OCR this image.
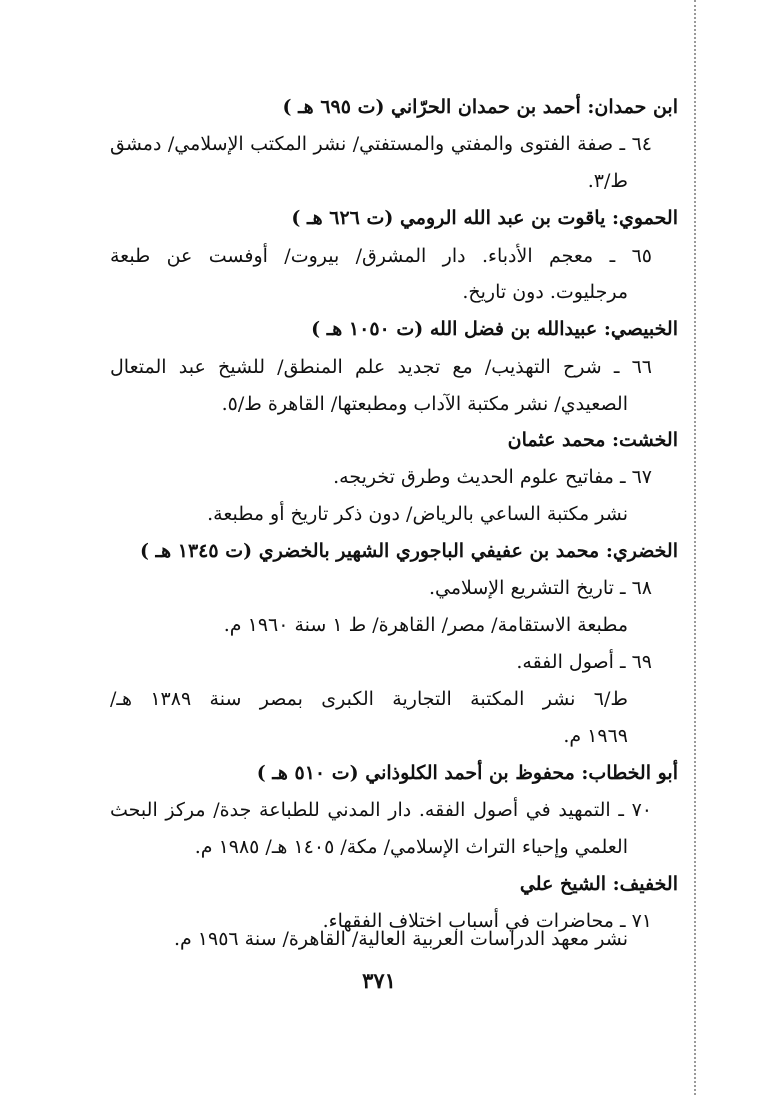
ابن حمدان: أحمد بن حمدان الحرّاني (ت ٦٩٥ هـ )
٦٤ ـ صفة الفتوى والمفتي والمستفتي/ نشر المكتب الإسلامي/ دمشق
ط/٣.
الحموي: ياقوت بن عبد الله الرومي (ت ٦٢٦ هـ )
٦٥ ـ معجم الأدباء. دار المشرق/ بيروت/ أوفست عن طبعة
مرجليوت. دون تاريخ.
الخبيصي: عبيدالله بن فضل الله (ت ١٠٥٠ هـ )
٦٦ ـ شرح التهذيب/ مع تجديد علم المنطق/ للشيخ عبد المتعال
الصعيدي/ نشر مكتبة الآداب ومطبعتها/ القاهرة ط/٥.
الخشت: محمد عثمان
٦٧ ـ مفاتيح علوم الحديث وطرق تخريجه.
نشر مكتبة الساعي بالرياض/ دون ذكر تاريخ أو مطبعة.
الخضري: محمد بن عفيفي الباجوري الشهير بالخضري (ت ١٣٤٥ هـ )
٦٨ ـ تاريخ التشريع الإسلامي.
مطبعة الاستقامة/ مصر/ القاهرة/ ط ١ سنة ١٩٦٠ م.
٦٩ ـ أصول الفقه.
ط/٦ نشر المكتبة التجارية الكبرى بمصر سنة ١٣٨٩ هـ/
١٩٦٩ م.
أبو الخطاب: محفوظ بن أحمد الكلوذاني (ت ٥١٠ هـ )
٧٠ ـ التمهيد في أصول الفقه. دار المدني للطباعة جدة/ مركز البحث
العلمي وإحياء التراث الإسلامي/ مكة/ ١٤٠٥ هـ/ ١٩٨٥ م.
الخفيف: الشيخ علي
٧١ ـ محاضرات في أسباب اختلاف الفقهاء.
نشر معهد الدراسات العربية العالية/ القاهرة/ سنة ١٩٥٦ م.
٣٧١
